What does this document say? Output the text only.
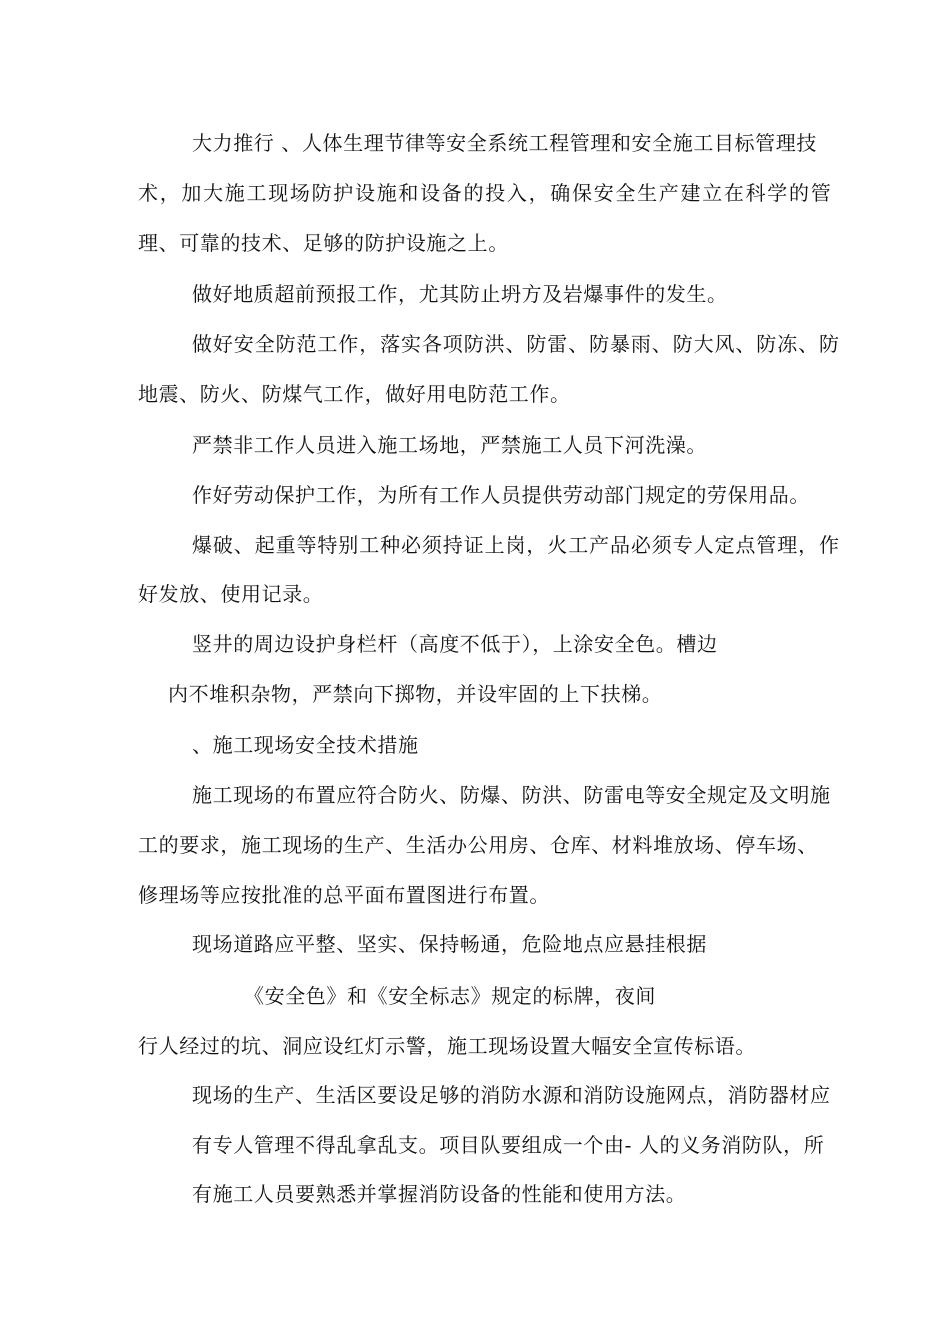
大力推行 、人体生理节律等安全系统工程管理和安全施工目标管理技
术，加大施工现场防护设施和设备的投入，确保安全生产建立在科学的管
理、可靠的技术、足够的防护设施之上。
做好地质超前预报工作，尤其防止坍方及岩爆事件的发生。
做好安全防范工作，落实各项防洪、防雷、防暴雨、防大风、防冻、防
地震、防火、防煤气工作，做好用电防范工作。
严禁非工作人员进入施工场地，严禁施工人员下河洗澡。
作好劳动保护工作，为所有工作人员提供劳动部门规定的劳保用品。
爆破、起重等特别工种必须持证上岗，火工产品必须专人定点管理，作
好发放、使用记录。
竖井的周边设护身栏杆（高度不低于），上涂安全色。槽边
内不堆积杂物，严禁向下掷物，并设牢固的上下扶梯。
、施工现场安全技术措施
施工现场的布置应符合防火、防爆、防洪、防雷电等安全规定及文明施
工的要求，施工现场的生产、生活办公用房、仓库、材料堆放场、停车场、
修理场等应按批准的总平面布置图进行布置。
现场道路应平整、坚实、保持畅通，危险地点应悬挂根据
《安全色》和《安全标志》规定的标牌，夜间
行人经过的坑、洞应设红灯示警，施工现场设置大幅安全宣传标语。
现场的生产、生活区要设足够的消防水源和消防设施网点，消防器材应
有专人管理不得乱拿乱支。项目队要组成一个由- 人的义务消防队，所
有施工人员要熟悉并掌握消防设备的性能和使用方法。
